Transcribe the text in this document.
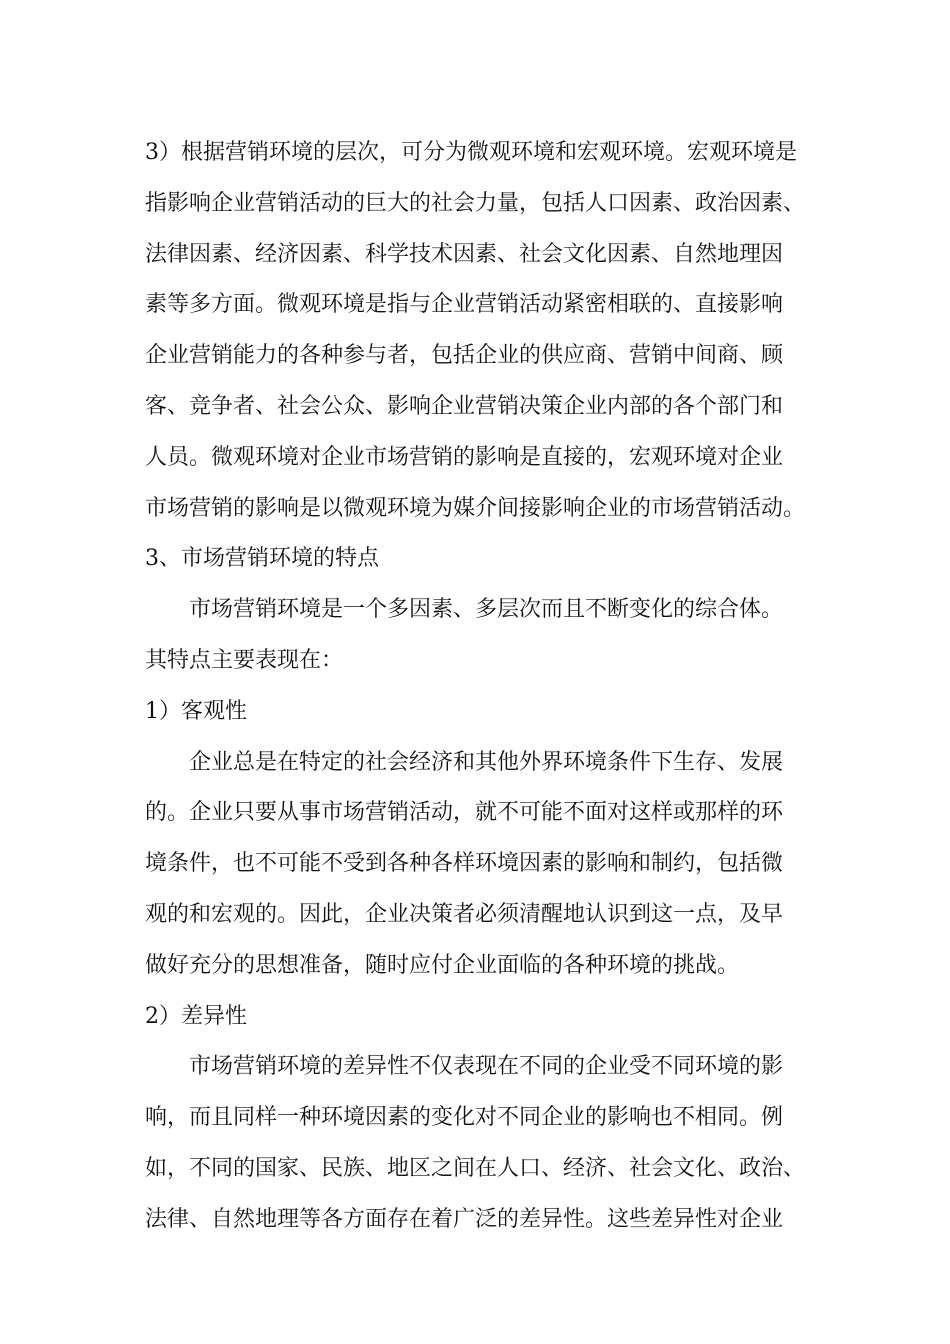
3）根据营销环境的层次，可分为微观环境和宏观环境。宏观环境是
指影响企业营销活动的巨大的社会力量，包括人口因素、政治因素、
法律因素、经济因素、科学技术因素、社会文化因素、自然地理因
素等多方面。微观环境是指与企业营销活动紧密相联的、直接影响
企业营销能力的各种参与者，包括企业的供应商、营销中间商、顾
客、竞争者、社会公众、影响企业营销决策企业内部的各个部门和
人员。微观环境对企业市场营销的影响是直接的，宏观环境对企业
市场营销的影响是以微观环境为媒介间接影响企业的市场营销活动。
3、市场营销环境的特点
市场营销环境是一个多因素、多层次而且不断变化的综合体。
其特点主要表现在：
1）客观性
企业总是在特定的社会经济和其他外界环境条件下生存、发展
的。企业只要从事市场营销活动，就不可能不面对这样或那样的环
境条件，也不可能不受到各种各样环境因素的影响和制约，包括微
观的和宏观的。因此，企业决策者必须清醒地认识到这一点，及早
做好充分的思想准备，随时应付企业面临的各种环境的挑战。
2）差异性
市场营销环境的差异性不仅表现在不同的企业受不同环境的影
响，而且同样一种环境因素的变化对不同企业的影响也不相同。例
如，不同的国家、民族、地区之间在人口、经济、社会文化、政治、
法律、自然地理等各方面存在着广泛的差异性。这些差异性对企业
